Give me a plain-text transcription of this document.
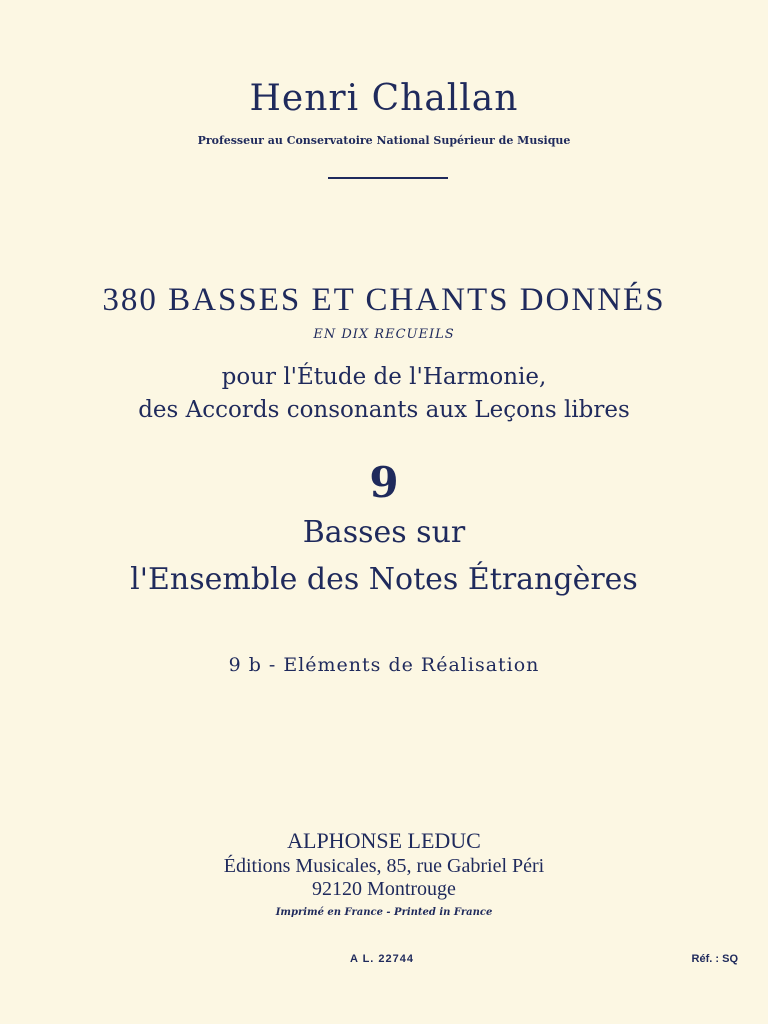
Henri Challan
Professeur au Conservatoire National Supérieur de Musique
380 BASSES ET CHANTS DONNÉS
EN DIX RECUEILS
pour l'Étude de l'Harmonie,
des Accords consonants aux Leçons libres
9
Basses sur
l'Ensemble des Notes Étrangères
9 b - Eléments de Réalisation
ALPHONSE LEDUC
Éditions Musicales, 85, rue Gabriel Péri
92120 Montrouge
Imprimé en France - Printed in France
A L. 22744	Réf. : SQ
